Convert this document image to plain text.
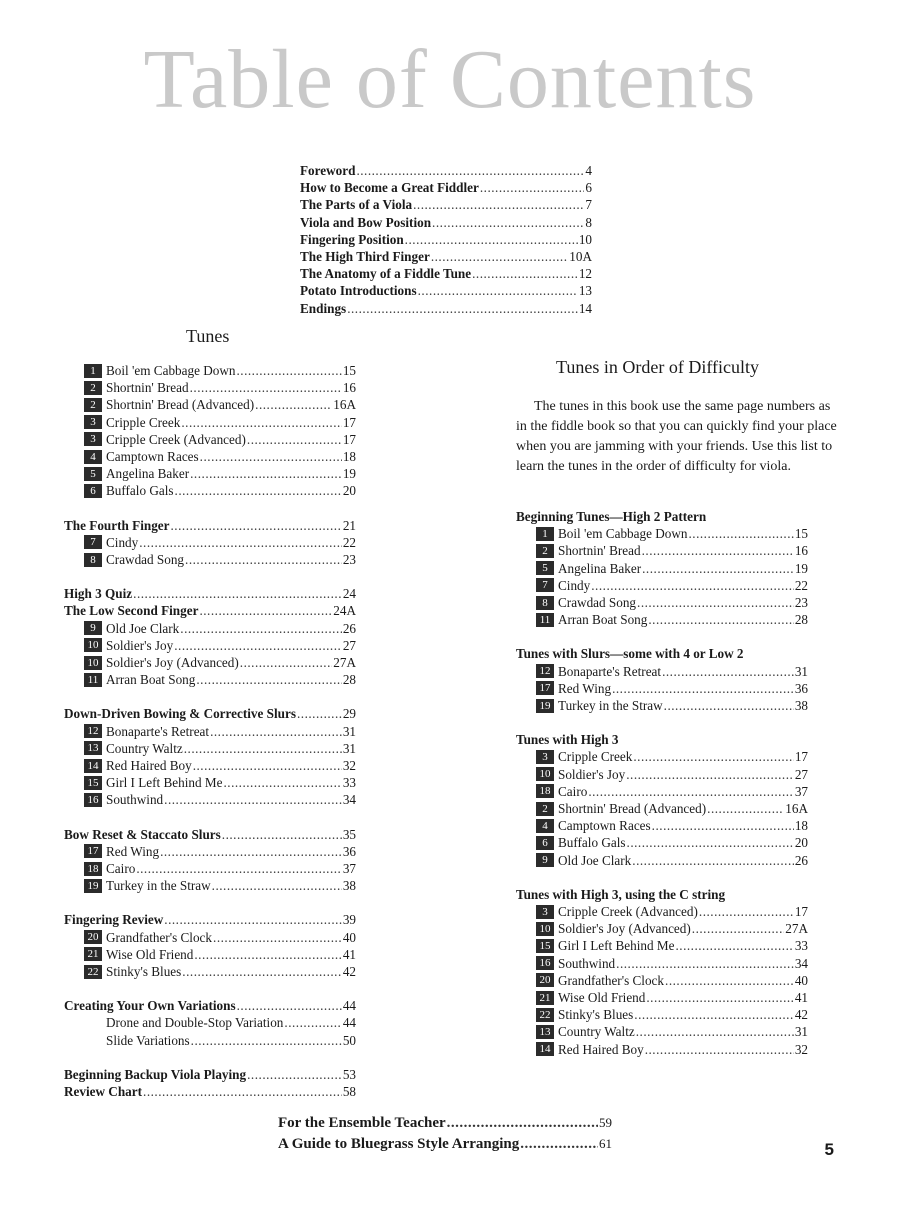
Table of Contents
Foreword .....	4
How to Become a Great Fiddler .....	6
The Parts of a Viola .....	7
Viola and Bow Position .....	8
Fingering Position .....	10
The High Third Finger .....	10A
The Anatomy of a Fiddle Tune .....	12
Potato Introductions .....	13
Endings .....	14
Tunes
1 Boil 'em Cabbage Down .....	15
2 Shortnin' Bread .....	16
2 Shortnin' Bread (Advanced) .....	16A
3 Cripple Creek .....	17
3 Cripple Creek (Advanced) .....	17
4 Camptown Races .....	18
5 Angelina Baker .....	19
6 Buffalo Gals .....	20
The Fourth Finger .....	21
7 Cindy .....	22
8 Crawdad Song .....	23
High 3 Quiz .....	24
The Low Second Finger .....	24A
9 Old Joe Clark .....	26
10 Soldier's Joy .....	27
10 Soldier's Joy (Advanced) .....	27A
11 Arran Boat Song .....	28
Down-Driven Bowing & Corrective Slurs .....	29
12 Bonaparte's Retreat .....	31
13 Country Waltz .....	31
14 Red Haired Boy .....	32
15 Girl I Left Behind Me .....	33
16 Southwind .....	34
Bow Reset & Staccato Slurs .....	35
17 Red Wing .....	36
18 Cairo .....	37
19 Turkey in the Straw .....	38
Fingering Review .....	39
20 Grandfather's Clock .....	40
21 Wise Old Friend .....	41
22 Stinky's Blues .....	42
Creating Your Own Variations .....	44
Drone and Double-Stop Variation .....	44
Slide Variations .....	50
Beginning Backup Viola Playing .....	53
Review Chart .....	58
Tunes in Order of Difficulty
The tunes in this book use the same page numbers as in the fiddle book so that you can quickly find your place when you are jamming with your friends. Use this list to learn the tunes in the order of difficulty for viola.
Beginning Tunes—High 2 Pattern
1 Boil 'em Cabbage Down .....	15
2 Shortnin' Bread .....	16
5 Angelina Baker .....	19
7 Cindy .....	22
8 Crawdad Song .....	23
11 Arran Boat Song .....	28
Tunes with Slurs—some with 4 or Low 2
12 Bonaparte's Retreat .....	31
17 Red Wing .....	36
19 Turkey in the Straw .....	38
Tunes with High 3
3 Cripple Creek .....	17
10 Soldier's Joy .....	27
18 Cairo .....	37
2 Shortnin' Bread (Advanced) .....	16A
4 Camptown Races .....	18
6 Buffalo Gals .....	20
9 Old Joe Clark .....	26
Tunes with High 3, using the C string
3 Cripple Creek (Advanced) .....	17
10 Soldier's Joy (Advanced) .....	27A
15 Girl I Left Behind Me .....	33
16 Southwind .....	34
20 Grandfather's Clock .....	40
21 Wise Old Friend .....	41
22 Stinky's Blues .....	42
13 Country Waltz .....	31
14 Red Haired Boy .....	32
For the Ensemble Teacher .....	59
A Guide to Bluegrass Style Arranging .....	61	5
